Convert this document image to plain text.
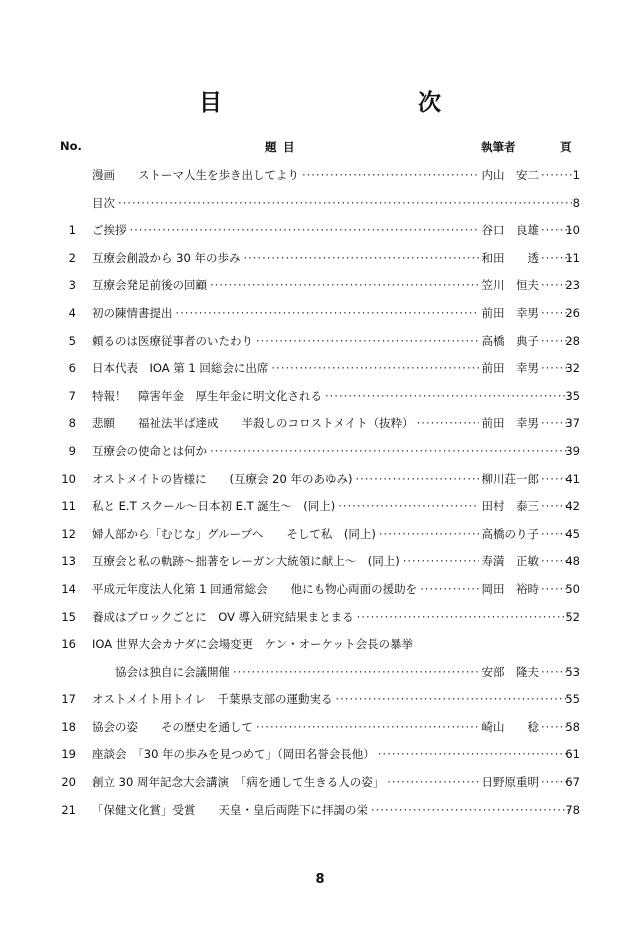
目　　次
No.	題 目	執筆者	頁
漫画　　ストーマ人生を歩き出してより ·····	内山　安二 ········	1
目次 ·····	8
1 ご挨拶 ·····	谷口　良雄 ········	10
2 互療会創設から 30 年の歩み ·····	和田　　透 ········	11
3 互療会発足前後の回顧 ·····	笠川　恒夫 ········	23
4 初の陳情書提出 ·····	前田　幸男 ········	26
5 頼るのは医療従事者のいたわり ·····	高橋　典子 ········	28
6 日本代表　IOA 第 1 回総会に出席 ·····	前田　幸男 ········	32
7 特報！　障害年金　厚生年金に明文化される ·····	35
8 悲願　　福祉法半ば達成　　半殺しのコロストメイト（抜粋） ·····	前田　幸男 ········	37
9 互療会の使命とは何か ·····	39
10 オストメイトの皆様に　　(互療会 20 年のあゆみ) ·····	柳川荘一郎 ········	41
11 私と E.T スクール～日本初 E.T 誕生～　(同上) ·····	田村　泰三 ········	42
12 婦人部から「むじな」グループへ　　そして私　(同上) ·····	高橋のり子 ········	45
13 互療会と私の軌跡～拙著をレーガン大統領に献上～　(同上) ·····	寿満　正敏 ········	48
14 平成元年度法人化第 1 回通常総会　　他にも物心両面の援助を ·····	岡田　裕時 ········	50
15 養成はブロックごとに　OV 導入研究結果まとまる ·····	52
16 IOA 世界大会カナダに会場変更　ケン・オーケット会長の暴挙
協会は独自に会議開催 ·····	安部　隆夫 ········	53
17 オストメイト用トイレ　千葉県支部の運動実る ·····	55
18 協会の姿　　その歴史を通して ·····	崎山　　稔 ········	58
19 座談会　「30 年の歩みを見つめて」（岡田名誉会長他） ·····	61
20 創立 30 周年記念大会講演　「病を通して生きる人の姿」 ·····	日野原重明 ········	67
21 「保健文化賞」受賞　　天皇・皇后両陛下に拝謁の栄 ·····	78
8
